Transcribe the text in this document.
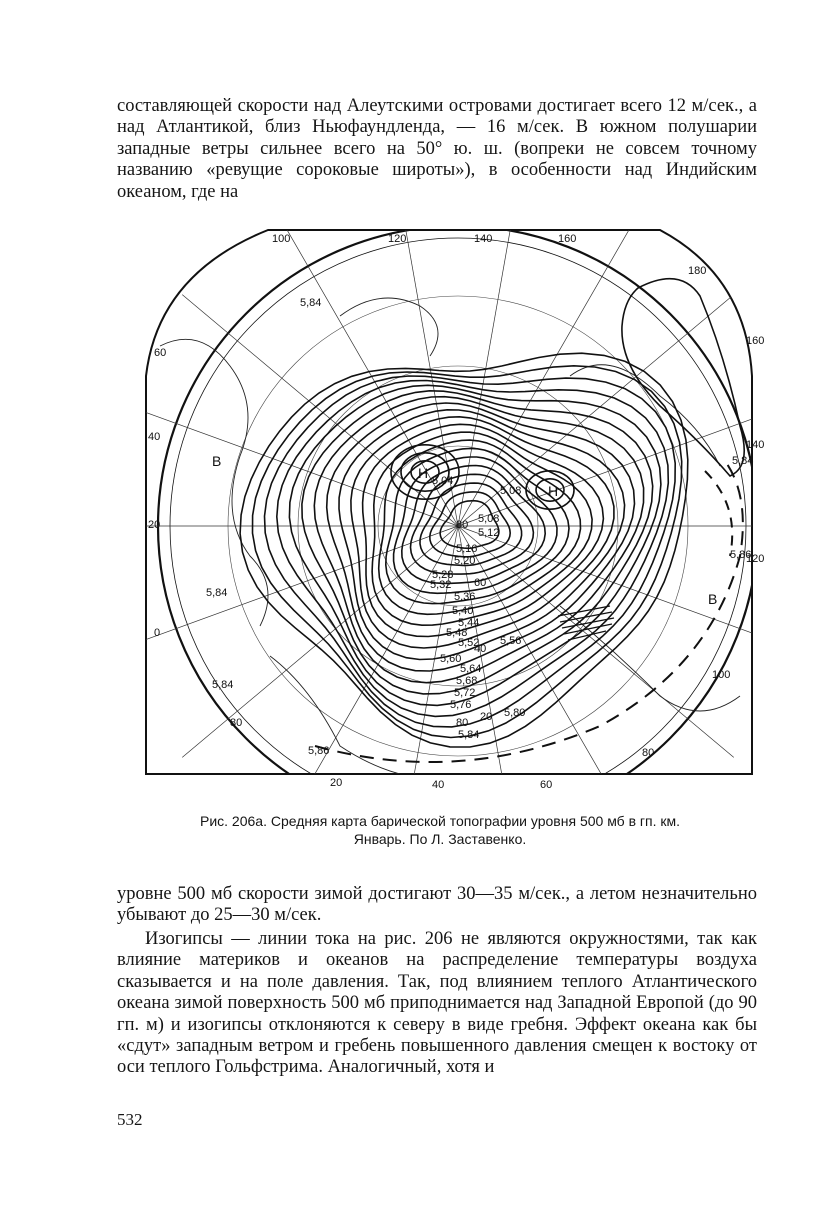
составляющей скорости над Алеутскими островами достигает всего 12 м/сек., а над Атлантикой, близ Ньюфаундленда, — 16 м/сек. В южном полушарии западные ветры сильнее всего на 50° ю. ш. (вопреки не совсем точному названию «ревущие сороковые широты»), в особенности над Индийским океаном, где на

Н
Н
В
В
100	120	140	160
180
160
140
120
100
80
60
40
20
0
20	40	60
80
5,84
5,84
5,84
5,84
5,86
5,86
5,04
5,08
5,08
5,12
5,16
5,20
5,28
5,32
5,36
5,40
5,44
5,48
5,52 5,56
5,60
5,64
5,68
5,72
5,76
5,80
5,84
80
60
40
20
80

Рис. 206а. Средняя карта барической топографии уровня 500 мб в гп. км.

Январь. По Л. Заставенко.

уровне 500 мб скорости зимой достигают 30—35 м/сек., а летом незначительно убывают до 25—30 м/сек.

Изогипсы — линии тока на рис. 206 не являются окружностями, так как влияние материков и океанов на распределение температуры воздуха сказывается и на поле давления. Так, под влиянием теплого Атлантического океана зимой поверхность 500 мб приподнимается над Западной Европой (до 90 гп. м) и изогипсы отклоняются к северу в виде гребня. Эффект океана как бы «сдут» западным ветром и гребень повышенного давления смещен к востоку от оси теплого Гольфстрима. Аналогичный, хотя и

532
